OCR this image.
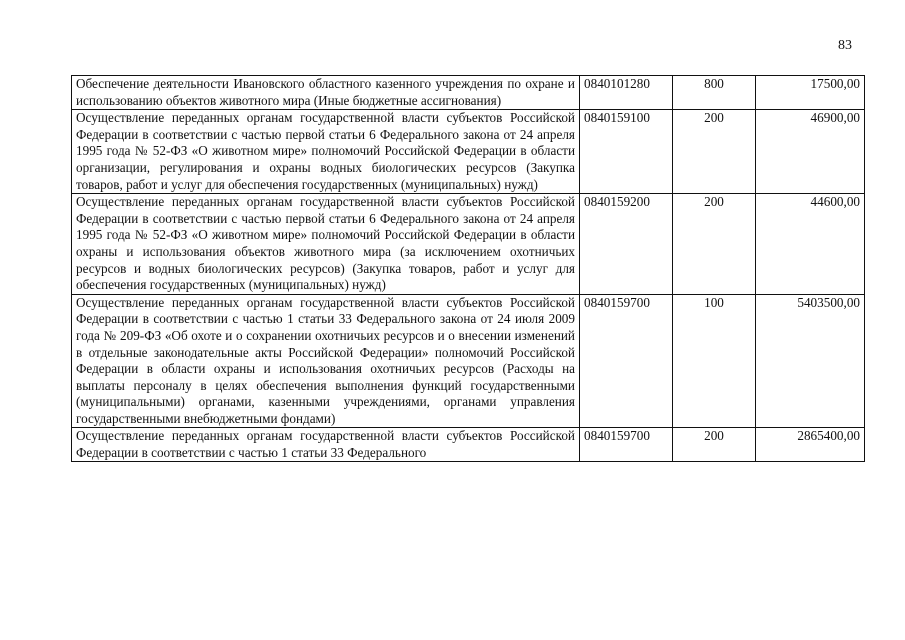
83
Обеспечение деятельности Ивановского областного казенного учреждения по охране и использованию объектов животного мира (Иные бюджетные ассигнования)	0840101280	800	17500,00
Осуществление переданных органам государственной власти субъектов Российской Федерации в соответствии с частью первой статьи 6 Федерального закона от 24 апреля 1995 года № 52-ФЗ «О животном мире» полномочий Российской Федерации в области организации, регулирования и охраны водных биологических ресурсов (Закупка товаров, работ и услуг для обеспечения государственных (муниципальных) нужд)	0840159100	200	46900,00
Осуществление переданных органам государственной власти субъектов Российской Федерации в соответствии с частью первой статьи 6 Федерального закона от 24 апреля 1995 года № 52-ФЗ «О животном мире» полномочий Российской Федерации в области охраны и использования объектов животного мира (за исключением охотничьих ресурсов и водных биологических ресурсов) (Закупка товаров, работ и услуг для обеспечения государственных (муниципальных) нужд)	0840159200	200	44600,00
Осуществление переданных органам государственной власти субъектов Российской Федерации в соответствии с частью 1 статьи 33 Федерального закона от 24 июля 2009 года № 209-ФЗ «Об охоте и о сохранении охотничьих ресурсов и о внесении изменений в отдельные законодательные акты Российской Федерации» полномочий Российской Федерации в области охраны и использования охотничьих ресурсов (Расходы на выплаты персоналу в целях обеспечения выполнения функций государственными (муниципальными) органами, казенными учреждениями, органами управления государственными внебюджетными фондами)	0840159700	100	5403500,00

Осуществление переданных органам государственной власти субъектов Российской Федерации в соответствии с частью 1 статьи 33 Федерального	0840159700	200	2865400,00
